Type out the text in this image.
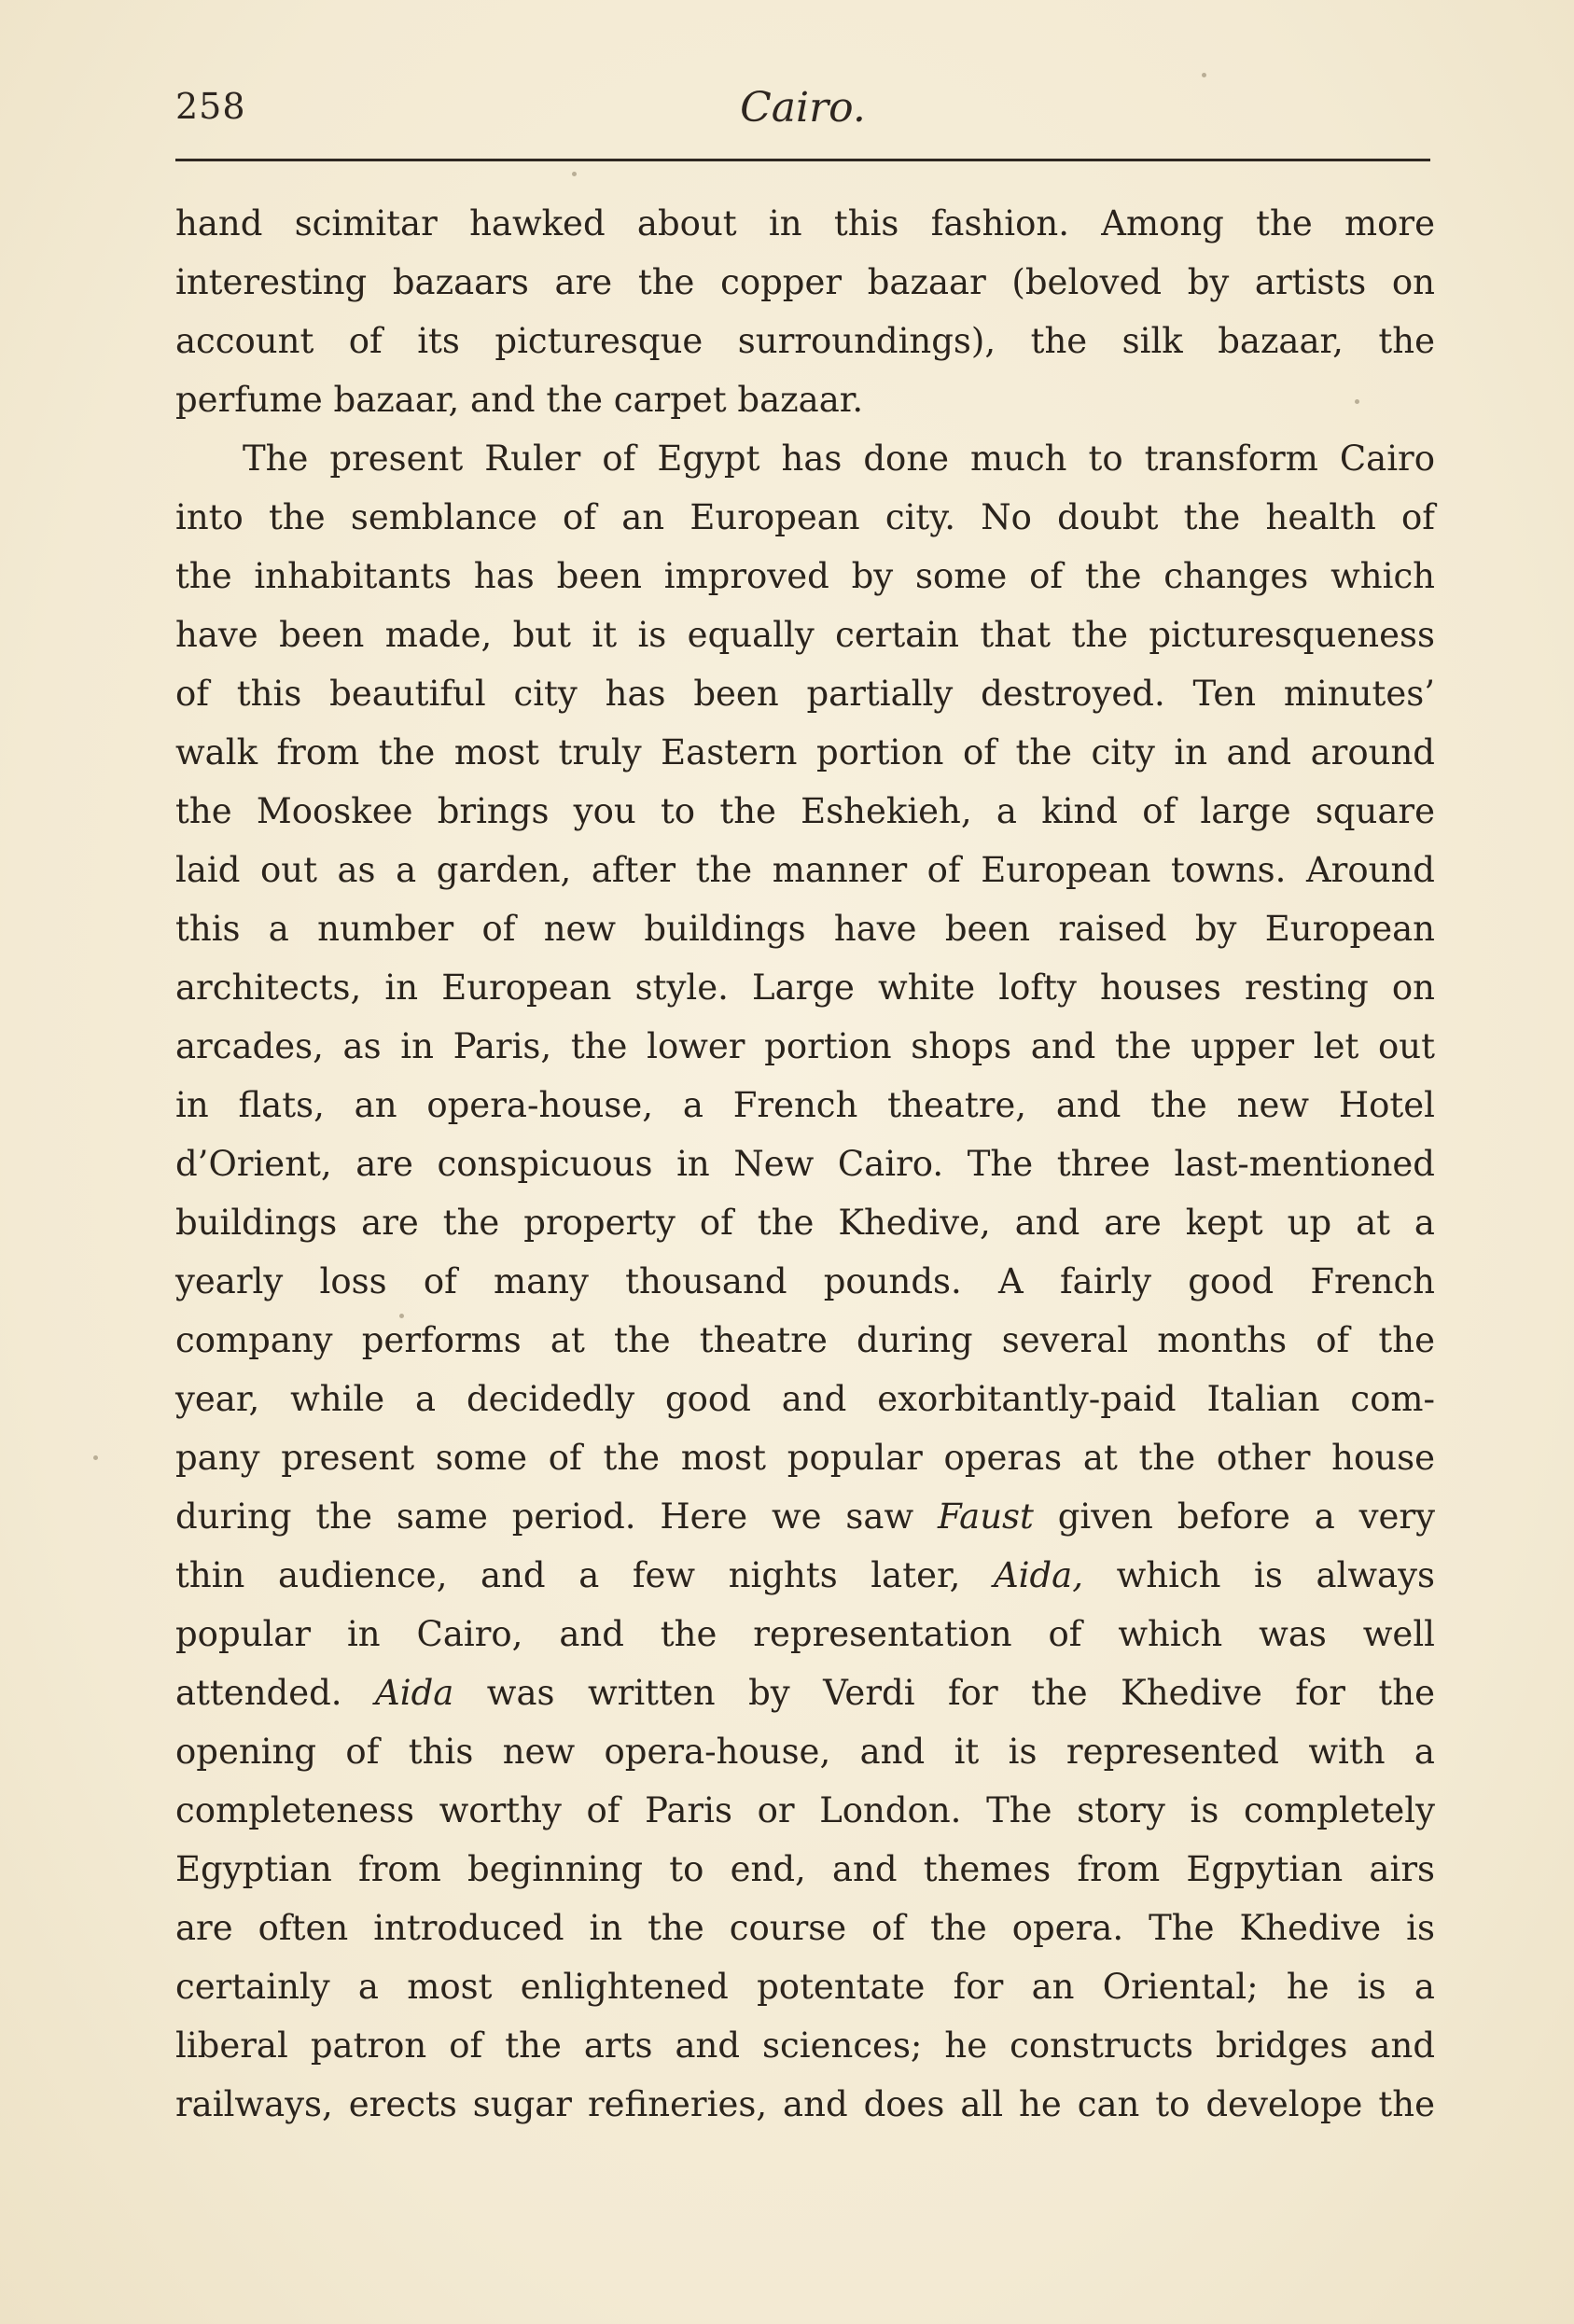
258	Cairo.
hand scimitar hawked about in this fashion. Among the more
interesting bazaars are the copper bazaar (beloved by artists on
account of its picturesque surroundings), the silk bazaar, the
perfume bazaar, and the carpet bazaar.
The present Ruler of Egypt has done much to transform Cairo
into the semblance of an European city. No doubt the health of
the inhabitants has been improved by some of the changes which
have been made, but it is equally certain that the picturesqueness
of this beautiful city has been partially destroyed. Ten minutes’
walk from the most truly Eastern portion of the city in and around
the Mooskee brings you to the Eshekieh, a kind of large square
laid out as a garden, after the manner of European towns. Around
this a number of new buildings have been raised by European
architects, in European style. Large white lofty houses resting on
arcades, as in Paris, the lower portion shops and the upper let out
in flats, an opera-house, a French theatre, and the new Hotel
d’Orient, are conspicuous in New Cairo. The three last-mentioned
buildings are the property of the Khedive, and are kept up at a
yearly loss of many thousand pounds. A fairly good French
company performs at the theatre during several months of the
year, while a decidedly good and exorbitantly-paid Italian com-
pany present some of the most popular operas at the other house
during the same period. Here we saw Faust given before a very
thin audience, and a few nights later, Aida, which is always
popular in Cairo, and the representation of which was well
attended. Aida was written by Verdi for the Khedive for the
opening of this new opera-house, and it is represented with a
completeness worthy of Paris or London. The story is completely
Egyptian from beginning to end, and themes from Egpytian airs
are often introduced in the course of the opera. The Khedive is
certainly a most enlightened potentate for an Oriental; he is a
liberal patron of the arts and sciences; he constructs bridges and
railways, erects sugar refineries, and does all he can to develope the
